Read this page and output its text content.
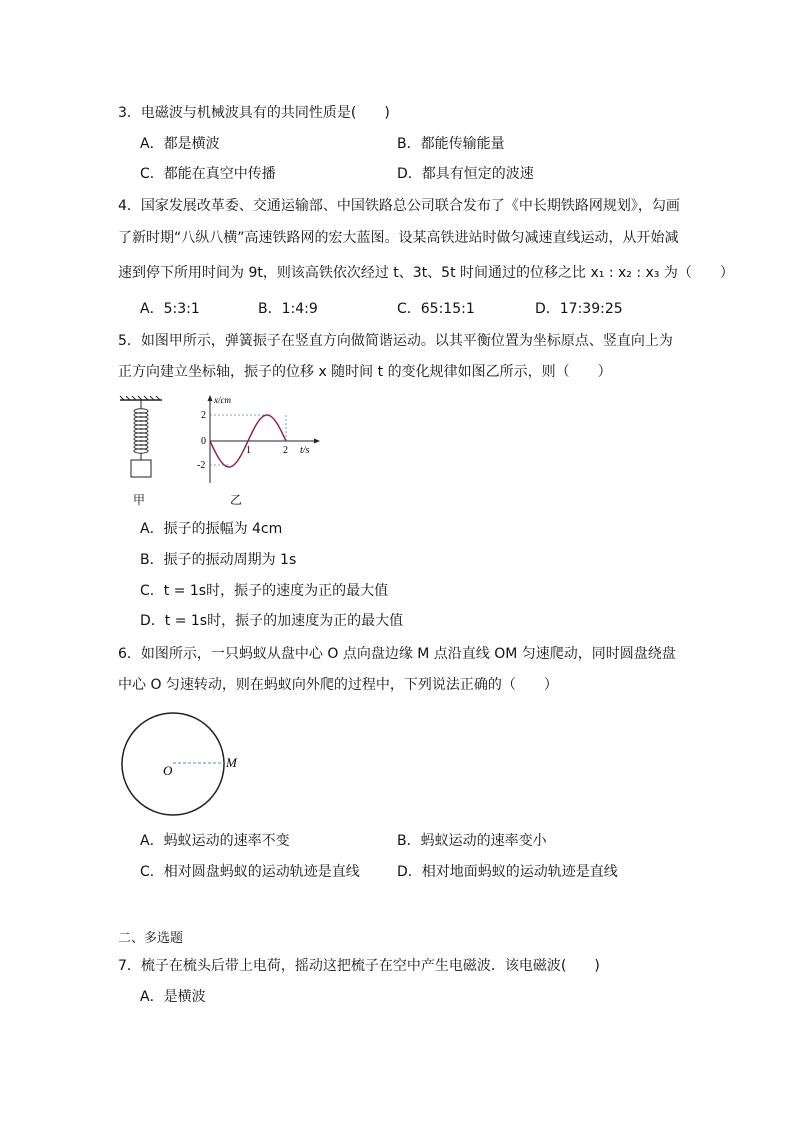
3．电磁波与机械波具有的共同性质是(　　)
A．都是横波	B．都能传输能量
C．都能在真空中传播	D．都具有恒定的波速
4．国家发展改革委、交通运输部、中国铁路总公司联合发布了《中长期铁路网规划》，勾画
了新时期“八纵八横”高速铁路网的宏大蓝图。设某高铁进站时做匀减速直线运动，从开始减
速到停下所用时间为 9t，则该高铁依次经过 t、3t、5t 时间通过的位移之比 x₁ : x₂ : x₃ 为（　　）
A．5:3:1	B．1:4:9	C．65:15:1	D．17:39:25
5．如图甲所示，弹簧振子在竖直方向做简谐运动。以其平衡位置为坐标原点、竖直向上为
正方向建立坐标轴，振子的位移 x 随时间 t 的变化规律如图乙所示，则（　　）
甲
x/cm
2
0
-2
1	2 t/s
乙
A．振子的振幅为 4cm
B．振子的振动周期为 1s
C．t = 1s时，振子的速度为正的最大值
D．t = 1s时，振子的加速度为正的最大值
6．如图所示，一只蚂蚁从盘中心 O 点向盘边缘 M 点沿直线 OM 匀速爬动，同时圆盘绕盘
中心 O 匀速转动，则在蚂蚁向外爬的过程中，下列说法正确的（　　）
O
M
A．蚂蚁运动的速率不变	B．蚂蚁运动的速率变小
C．相对圆盘蚂蚁的运动轨迹是直线	D．相对地面蚂蚁的运动轨迹是直线
二、多选题
7．梳子在梳头后带上电荷，摇动这把梳子在空中产生电磁波．该电磁波(　　)
A．是横波
